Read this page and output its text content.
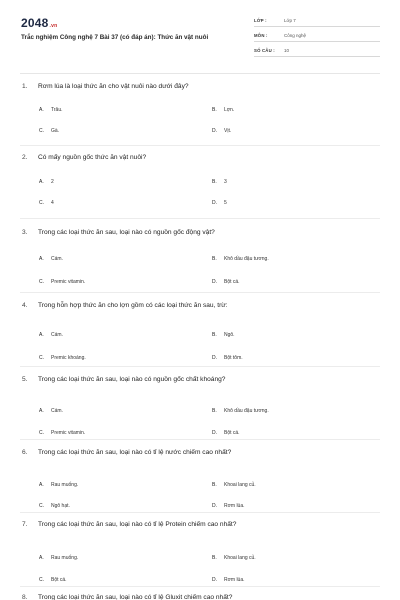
2048.vn
Trắc nghiệm Công nghệ 7 Bài 37 (có đáp án): Thức ăn vật nuôi
LỚP :	Lớp 7
MÔN :	Công nghệ
SỐ CÂU :	10
1.	Rơm lúa là loại thức ăn cho vật nuôi nào dưới đây?
A.	Trâu.	B.	Lợn.
C.	Gà.	D.	Vịt.
2.	Có mấy nguồn gốc thức ăn vật nuôi?
A.	2	B.	3
C.	4	D.	5
3.	Trong các loại thức ăn sau, loại nào có nguồn gốc động vật?
A.	Cám.	B.	Khô dầu đậu tương.
C.	Premic vitamin.	D.	Bột cá.
4.	Trong hỗn hợp thức ăn cho lợn gồm có các loại thức ăn sau, trừ:
A.	Cám.	B.	Ngô.
C.	Premic khoáng.	D.	Bột tôm.
5.	Trong các loại thức ăn sau, loại nào có nguồn gốc chất khoáng?
A.	Cám.	B.	Khô dầu đậu tương.
C.	Premic vitamin.	D.	Bột cá.
6.	Trong các loại thức ăn sau, loại nào có tỉ lệ nước chiếm cao nhất?
A.	Rau muống.	B.	Khoai lang củ.
C.	Ngô hạt.	D.	Rơm lúa.
7.	Trong các loại thức ăn sau, loại nào có tỉ lệ Protein chiếm cao nhất?
A.	Rau muống.	B.	Khoai lang củ.
C.	Bột cá.	D.	Rơm lúa.
8.	Trong các loại thức ăn sau, loại nào có tỉ lệ Gluxit chiếm cao nhất?
